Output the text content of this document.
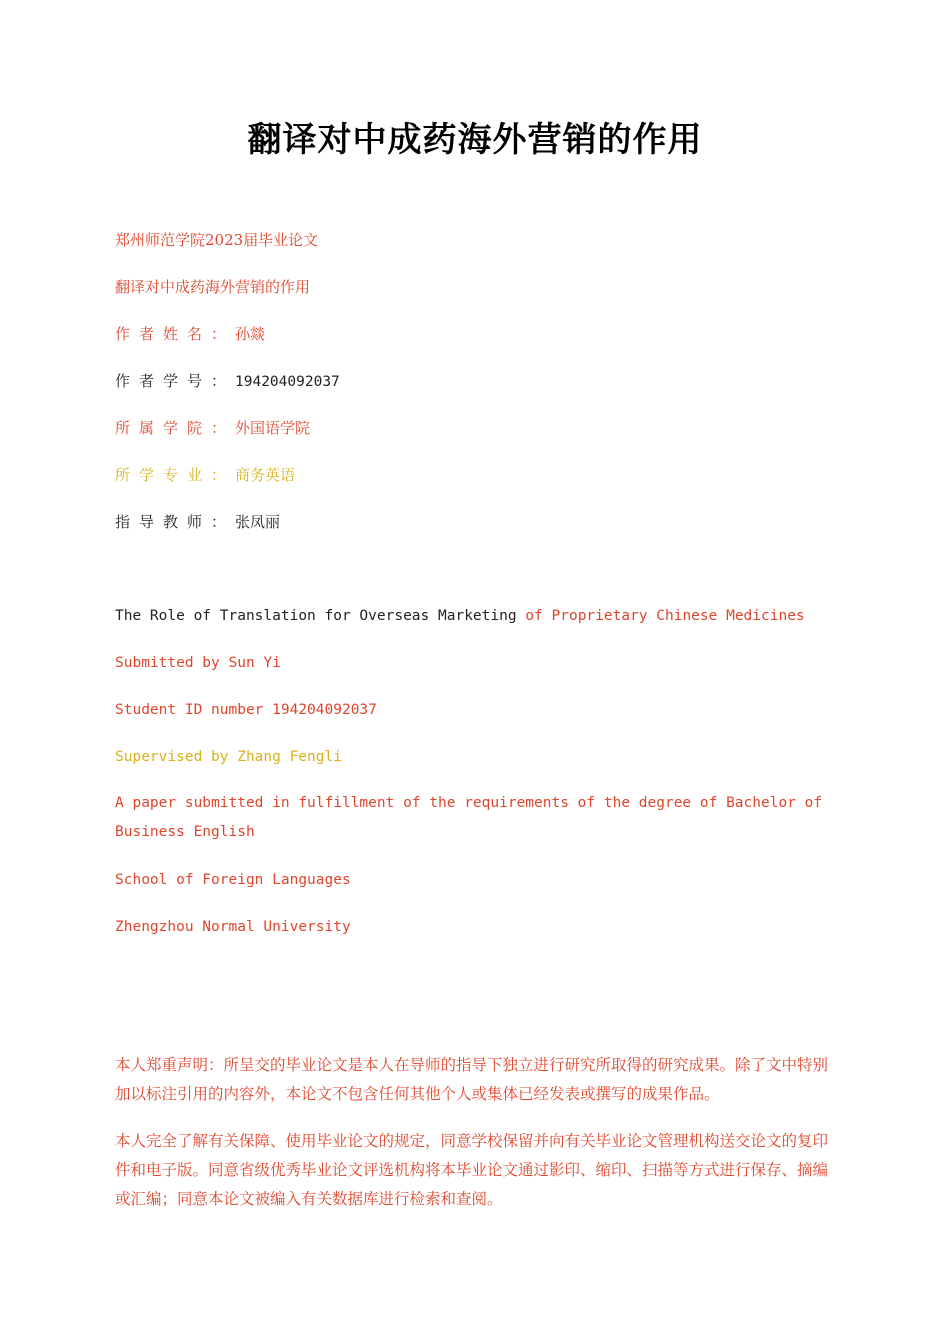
翻译对中成药海外营销的作用
郑州师范学院2023届毕业论文
翻译对中成药海外营销的作用
作者姓名：孙燚
作者学号：194204092037
所属学院：外国语学院
所学专业：商务英语
指导教师：张凤丽
The Role of Translation for Overseas Marketing of Proprietary Chinese Medicines
Submitted by Sun Yi
Student ID number 194204092037
Supervised by Zhang Fengli
A paper submitted in fulfillment of the requirements of the degree of Bachelor of Business English
School of Foreign Languages
Zhengzhou Normal University
本人郑重声明：所呈交的毕业论文是本人在导师的指导下独立进行研究所取得的研究成果。除了文中特别加以标注引用的内容外，本论文不包含任何其他个人或集体已经发表或撰写的成果作品。
本人完全了解有关保障、使用毕业论文的规定，同意学校保留并向有关毕业论文管理机构送交论文的复印件和电子版。同意省级优秀毕业论文评选机构将本毕业论文通过影印、缩印、扫描等方式进行保存、摘编或汇编；同意本论文被编入有关数据库进行检索和查阅。
